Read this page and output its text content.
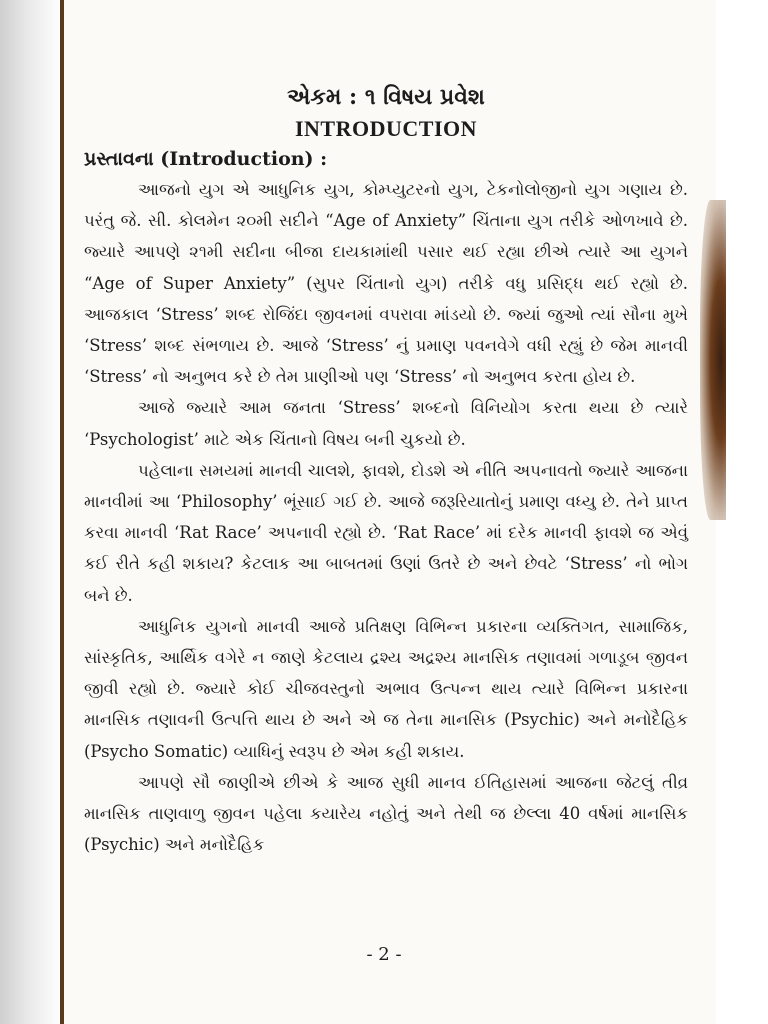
એકમ : ૧ વિષય પ્રવેશ
INTRODUCTION
પ્રસ્તાવના (Introduction) :

આજનો યુગ એ આધુનિક યુગ, કોમ્પ્યુટરનો યુગ, ટેકનોલોજીનો યુગ ગણાય છે. પરંતુ જે. સી. કોલમેન ૨૦મી સદીને “Age of Anxiety” ચિંતાના યુગ તરીકે ઓળખાવે છે. જ્યારે આપણે ૨૧મી સદીના બીજા દાયકામાંથી પસાર થઈ રહ્યા છીએ ત્યારે આ યુગને “Age of Super Anxiety” (સુપર ચિંતાનો યુગ) તરીકે વધુ પ્રસિદ્ધ થઈ રહ્યો છે. આજકાલ ‘Stress’ શબ્દ રોજિંદા જીવનમાં વપરાવા માંડયો છે. જ્યાં જુઓ ત્યાં સૌના મુખે ‘Stress’ શબ્દ સંભળાય છે. આજે ‘Stress’ નું પ્રમાણ પવનવેગે વધી રહ્યું છે જેમ માનવી ‘Stress’ નો અનુભવ કરે છે તેમ પ્રાણીઓ પણ ‘Stress’ નો અનુભવ કરતા હોય છે.

આજે જ્યારે આમ જનતા ‘Stress’ શબ્દનો વિનિયોગ કરતા થયા છે ત્યારે ‘Psychologist’ માટે એક ચિંતાનો વિષય બની ચુકયો છે.

પહેલાના સમયમાં માનવી ચાલશે, ફાવશે, દોડશે એ નીતિ અપનાવતો જ્યારે આજના માનવીમાં આ ‘Philosophy’ ભૂંસાઈ ગઈ છે. આજે જરૂરિયાતોનું પ્રમાણ વધ્યુ છે. તેને પ્રાપ્ત કરવા માનવી ‘Rat Race’ અપનાવી રહ્યો છે. ‘Rat Race’ માં દરેક માનવી ફાવશે જ એવું કઈ રીતે કહી શકાય? કેટલાક આ બાબતમાં ઉણાં ઉતરે છે અને છેવટે ‘Stress’ નો ભોગ બને છે.

આધુનિક યુગનો માનવી આજે પ્રતિક્ષણ વિભિન્ન પ્રકારના વ્યક્તિગત, સામાજિક, સાંસ્કૃતિક, આર્થિક વગેરે ન જાણે કેટલાય દ્રશ્ય અદ્રશ્ય માનસિક તણાવમાં ગળાડૂબ જીવન જીવી રહ્યો છે. જ્યારે કોઈ ચીજવસ્તુનો અભાવ ઉત્પન્ન થાય ત્યારે વિભિન્ન પ્રકારના માનસિક તણાવની ઉત્પત્તિ થાય છે અને એ જ તેના માનસિક (Psychic) અને મનોદૈહિક (Psycho Somatic) વ્યાધિનું સ્વરૂપ છે એમ કહી શકાય.

આપણે સૌ જાણીએ છીએ કે આજ સુધી માનવ ઈતિહાસમાં આજના જેટલું તીવ્ર માનસિક તાણવાળુ જીવન પહેલા કયારેય નહોતું અને તેથી જ છેલ્લા 40 વર્ષમાં માનસિક (Psychic) અને મનોદૈહિક

- 2 -
